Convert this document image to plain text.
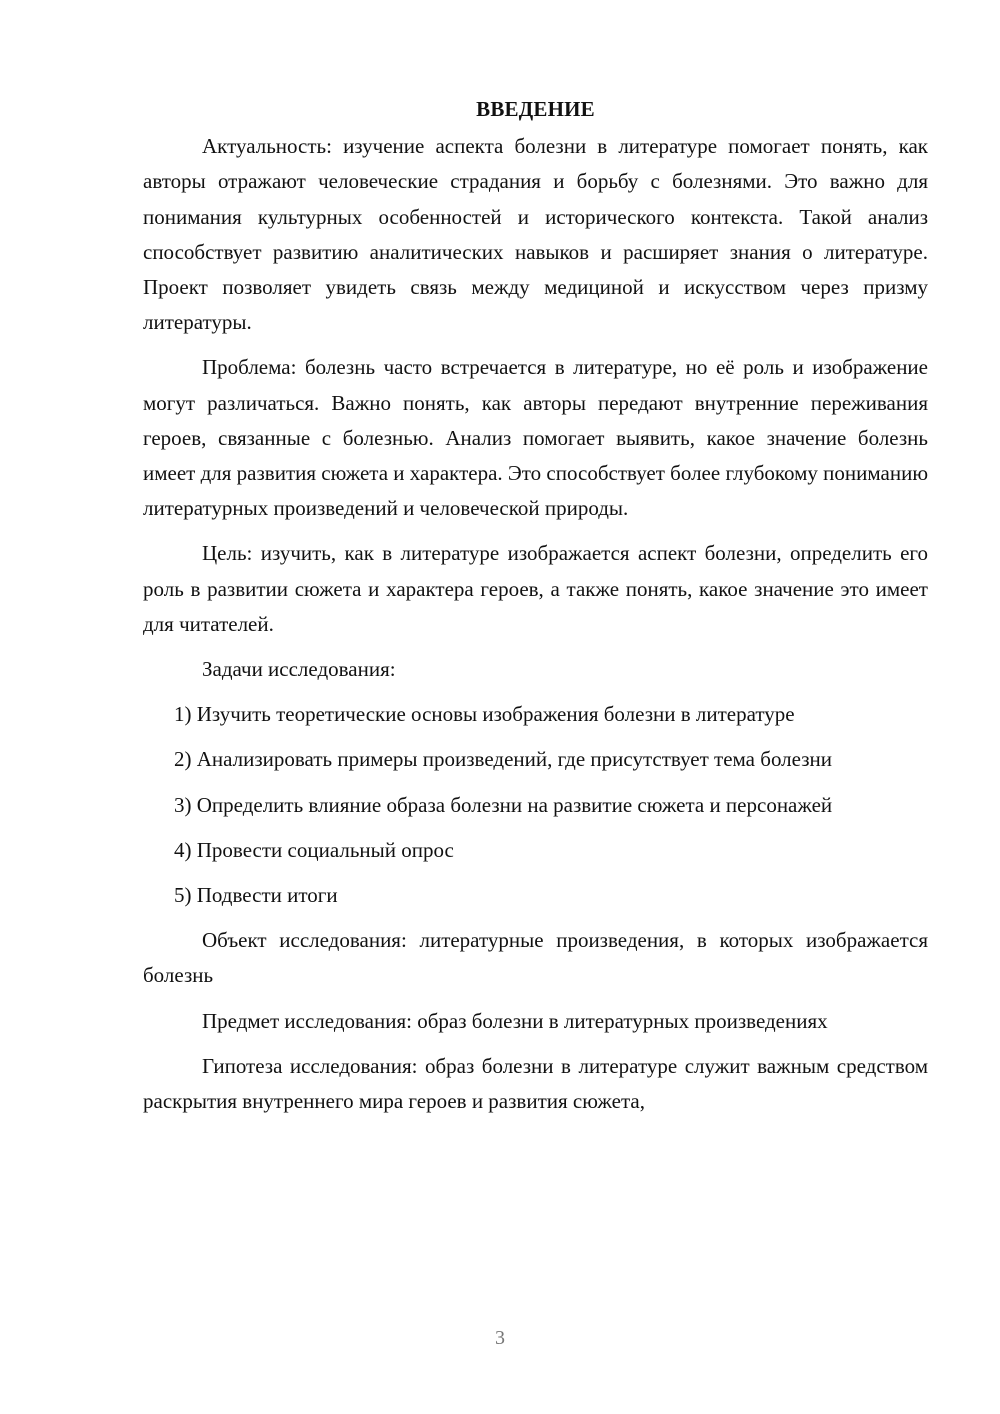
ВВЕДЕНИЕ

Актуальность: изучение аспекта болезни в литературе помогает понять, как авторы отражают человеческие страдания и борьбу с болезнями. Это важно для понимания культурных особенностей и исторического контекста. Такой анализ способствует развитию аналитических навыков и расширяет знания о литературе. Проект позволяет увидеть связь между медициной и искусством через призму литературы.

Проблема: болезнь часто встречается в литературе, но её роль и изображение могут различаться. Важно понять, как авторы передают внутренние переживания героев, связанные с болезнью. Анализ помогает выявить, какое значение болезнь имеет для развития сюжета и характера. Это способствует более глубокому пониманию литературных произведений и человеческой природы.

Цель: изучить, как в литературе изображается аспект болезни, определить его роль в развитии сюжета и характера героев, а также понять, какое значение это имеет для читателей.

Задачи исследования:

1) Изучить теоретические основы изображения болезни в литературе

2) Анализировать примеры произведений, где присутствует тема болезни

3) Определить влияние образа болезни на развитие сюжета и персонажей

4) Провести социальный опрос

5) Подвести итоги

Объект исследования: литературные произведения, в которых изображается болезнь

Предмет исследования: образ болезни в литературных произведениях

Гипотеза исследования: образ болезни в литературе служит важным средством раскрытия внутреннего мира героев и развития сюжета,

3
